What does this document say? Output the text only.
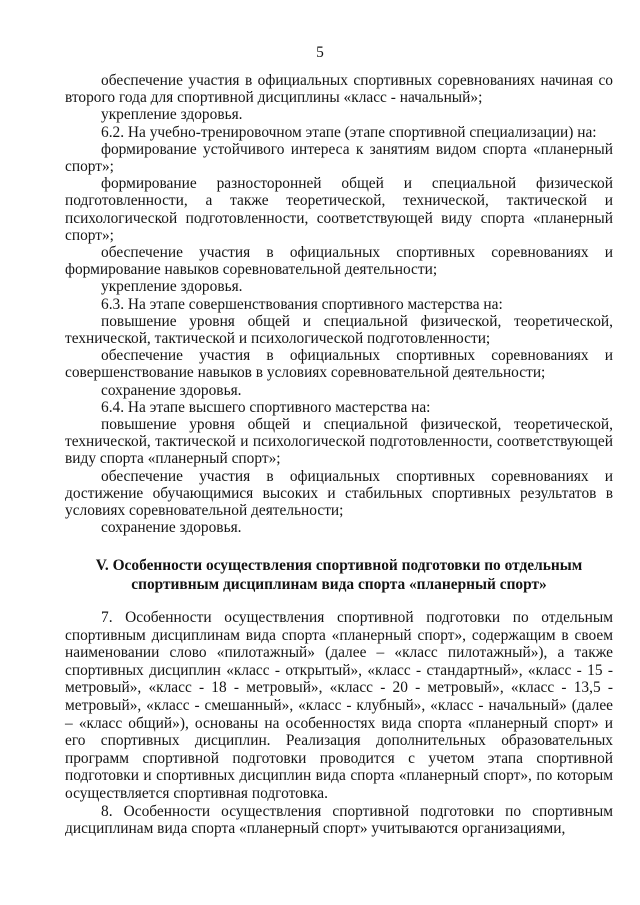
5

обеспечение участия в официальных спортивных соревнованиях начиная со второго года для спортивной дисциплины «класс - начальный»;

укрепление здоровья.

6.2. На учебно-тренировочном этапе (этапе спортивной специализации) на:

формирование устойчивого интереса к занятиям видом спорта «планерный спорт»;

формирование разносторонней общей и специальной физической подготовленности, а также теоретической, технической, тактической и психологической подготовленности, соответствующей виду спорта «планерный спорт»;

обеспечение участия в официальных спортивных соревнованиях и формирование навыков соревновательной деятельности;

укрепление здоровья.

6.3. На этапе совершенствования спортивного мастерства на:

повышение уровня общей и специальной физической, теоретической, технической, тактической и психологической подготовленности;

обеспечение участия в официальных спортивных соревнованиях и совершенствование навыков в условиях соревновательной деятельности;

сохранение здоровья.

6.4. На этапе высшего спортивного мастерства на:

повышение уровня общей и специальной физической, теоретической, технической, тактической и психологической подготовленности, соответствующей виду спорта «планерный спорт»;

обеспечение участия в официальных спортивных соревнованиях и достижение обучающимися высоких и стабильных спортивных результатов в условиях соревновательной деятельности;

сохранение здоровья.

V. Особенности осуществления спортивной подготовки по отдельным
спортивным дисциплинам вида спорта «планерный спорт»

7. Особенности осуществления спортивной подготовки по отдельным спортивным дисциплинам вида спорта «планерный спорт», содержащим в своем наименовании слово «пилотажный» (далее – «класс пилотажный»), а также спортивных дисциплин «класс - открытый», «класс - стандартный», «класс - 15 - метровый», «класс - 18 - метровый», «класс - 20 - метровый», «класс - 13,5 - метровый», «класс - смешанный», «класс - клубный», «класс - начальный» (далее – «класс общий»), основаны на особенностях вида спорта «планерный спорт» и его спортивных дисциплин. Реализация дополнительных образовательных программ спортивной подготовки проводится с учетом этапа спортивной подготовки и спортивных дисциплин вида спорта «планерный спорт», по которым осуществляется спортивная подготовка.

8. Особенности осуществления спортивной подготовки по спортивным дисциплинам вида спорта «планерный спорт» учитываются организациями,
